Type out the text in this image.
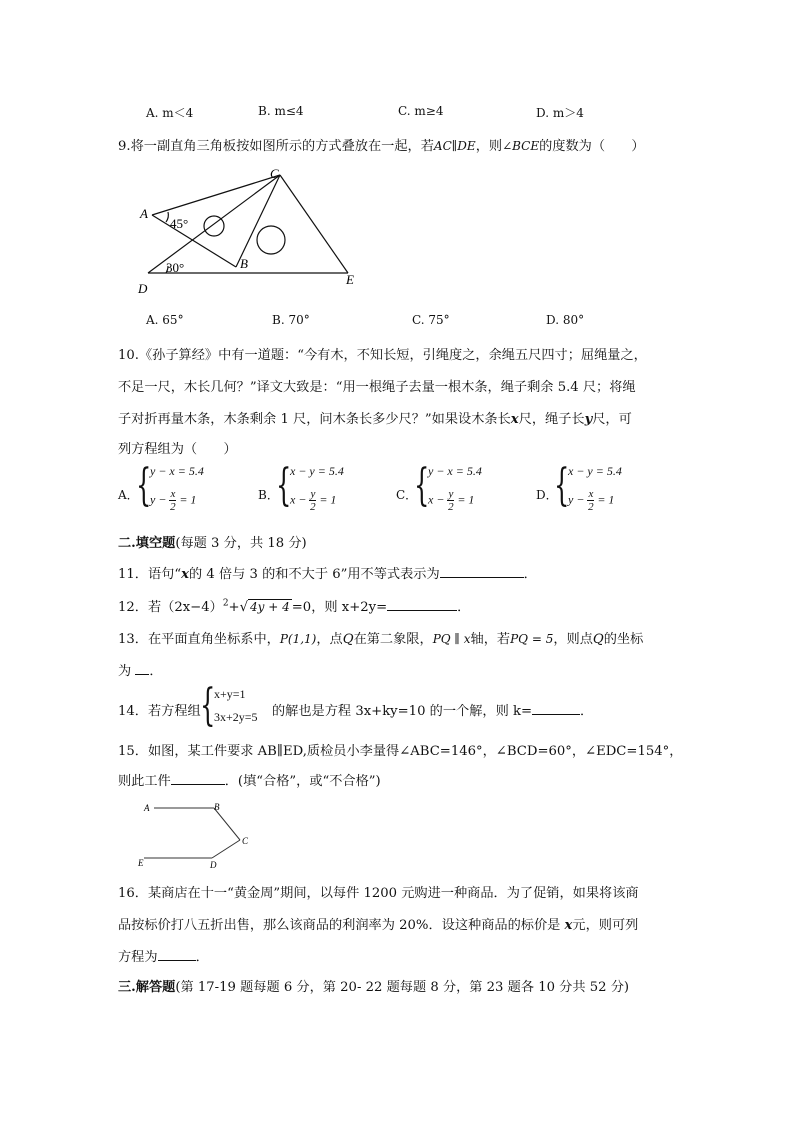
A. m＜4	B. m≤4	C. m≥4	D. m＞4
9.将一副直角三角板按如图所示的方式叠放在一起，若AC∥DE，则∠BCE的度数为（　　）
C
A
45°
B
30°
D
E
A. 65°	B. 70°	C. 75°	D. 80°
10.《孙子算经》中有一道题：“今有木，不知长短，引绳度之，余绳五尺四寸；屈绳量之，
不足一尺，木长几何？”译文大致是：“用一根绳子去量一根木条，绳子剩余 5.4 尺；将绳
子对折再量木条，木条剩余 1 尺，问木条长多少尺？”如果设木条长x尺，绳子长y尺，可
列方程组为（　　）
A．
{
y − x = 5.4
$y - \frac{x}{2} = 1$	B．
{
x − y = 5.4
$x - \frac{y}{2} = 1$	C．
{
y − x = 5.4
$x - \frac{y}{2} = 1$	D．
{
x − y = 5.4
$y - \frac{x}{2} = 1$
二.填空题(每题 3 分，共 18 分)
11．语句“x的 4 倍与 3 的和不大于 6”用不等式表示为	．
12．若$(2x-4)^2+√$ 4y + 4 =0，则 x+2y=	．
13．在平面直角坐标系中，P(1,1)，点Q在第二象限，PQ ∥ x轴，若PQ = 5，则点Q的坐标
为 ．
14．若方程组 {
x+y=1
3x+2y=5 的解也是方程 3x+ky=10 的一个解，则 k=	．
15．如图，某工件要求 AB∥ED,质检员小李量得∠ABC=146°，∠BCD=60°，∠EDC=154°，
则此工件	．(填“合格”，或“不合格”)
A	B
C
D
E
16．某商店在十一“黄金周”期间，以每件 1200 元购进一种商品．为了促销，如果将该商
品按标价打八五折出售，那么该商品的利润率为 20%．设这种商品的标价是 x元，则可列
方程为	．
三.解答题(第 17-19 题每题 6 分，第 20- 22 题每题 8 分，第 23 题各 10 分共 52 分)
